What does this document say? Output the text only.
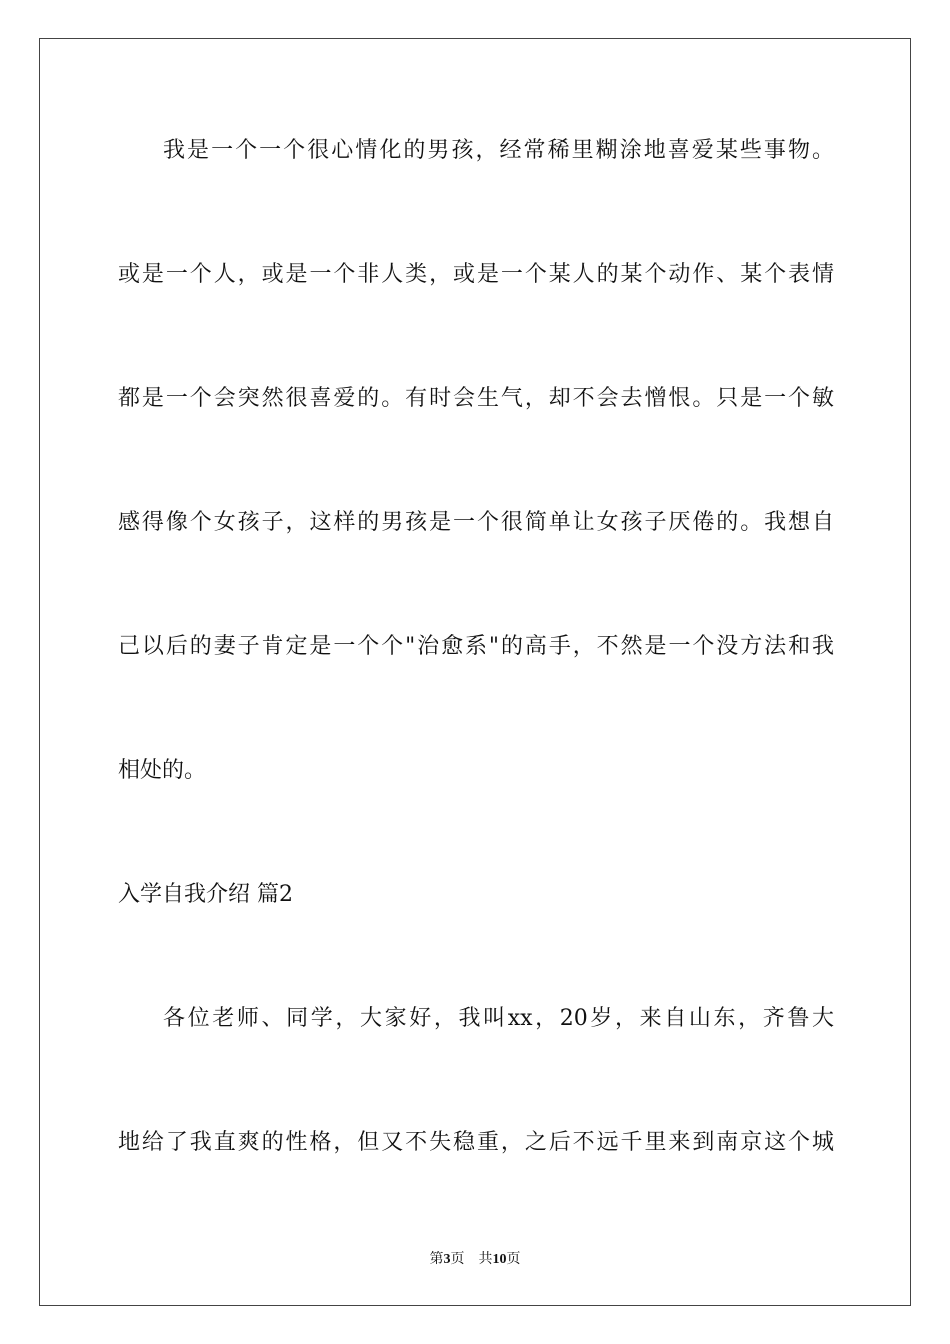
我是一个一个很心情化的男孩，经常稀里糊涂地喜爱某些事物。
或是一个人，或是一个非人类，或是一个某人的某个动作、某个表情
都是一个会突然很喜爱的。有时会生气，却不会去憎恨。只是一个敏
感得像个女孩子，这样的男孩是一个很简单让女孩子厌倦的。我想自
己以后的妻子肯定是一个个"治愈系"的高手，不然是一个没方法和我
相处的。
入学自我介绍 篇2
各位老师、同学，大家好，我叫xx，20岁，来自山东，齐鲁大
地给了我直爽的性格，但又不失稳重，之后不远千里来到南京这个城
第3页 共10页
